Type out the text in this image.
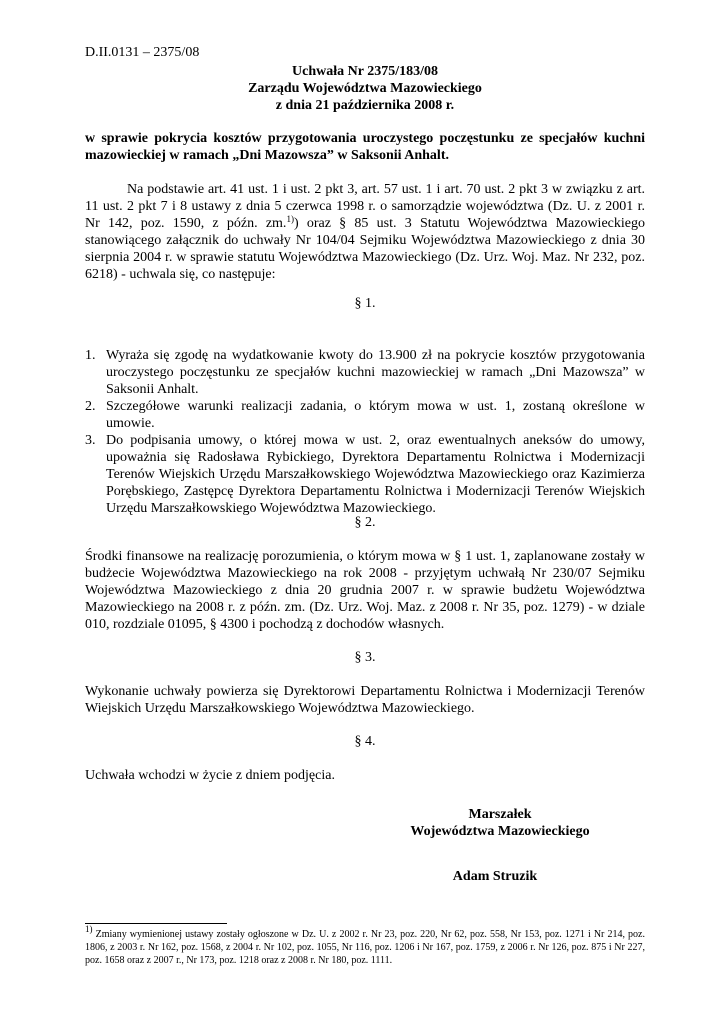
D.II.0131 – 2375/08
Uchwała Nr 2375/183/08
Zarządu Województwa Mazowieckiego
z dnia 21 października 2008 r.
w sprawie pokrycia kosztów przygotowania uroczystego poczęstunku ze specjałów kuchni mazowieckiej w ramach „Dni Mazowsza” w Saksonii Anhalt.
Na podstawie art. 41 ust. 1 i ust. 2 pkt 3, art. 57 ust. 1 i art. 70 ust. 2 pkt 3 w związku z art. 11 ust. 2 pkt 7 i 8 ustawy z dnia 5 czerwca 1998 r. o samorządzie województwa (Dz. U. z 2001 r. Nr 142, poz. 1590, z późn. zm.$^{1)}$) oraz § 85 ust. 3 Statutu Województwa Mazowieckiego stanowiącego załącznik do uchwały Nr 104/04 Sejmiku Województwa Mazowieckiego z dnia 30 sierpnia 2004 r. w sprawie statutu Województwa Mazowieckiego (Dz. Urz. Woj. Maz. Nr 232, poz. 6218) - uchwala się, co następuje:
§ 1.
1. Wyraża się zgodę na wydatkowanie kwoty do 13.900 zł na pokrycie kosztów przygotowania uroczystego poczęstunku ze specjałów kuchni mazowieckiej w ramach „Dni Mazowsza” w Saksonii Anhalt.
2. Szczegółowe warunki realizacji zadania, o którym mowa w ust. 1, zostaną określone w umowie.
3. Do podpisania umowy, o której mowa w ust. 2, oraz ewentualnych aneksów do umowy, upoważnia się Radosława Rybickiego, Dyrektora Departamentu Rolnictwa i Modernizacji Terenów Wiejskich Urzędu Marszałkowskiego Województwa Mazowieckiego oraz Kazimierza Porębskiego, Zastępcę Dyrektora Departamentu Rolnictwa i Modernizacji Terenów Wiejskich Urzędu Marszałkowskiego Województwa Mazowieckiego.
§ 2.
Środki finansowe na realizację porozumienia, o którym mowa w § 1 ust. 1, zaplanowane zostały w budżecie Województwa Mazowieckiego na rok 2008 - przyjętym uchwałą Nr 230/07 Sejmiku Województwa Mazowieckiego z dnia 20 grudnia 2007 r. w sprawie budżetu Województwa Mazowieckiego na 2008 r. z późn. zm. (Dz. Urz. Woj. Maz. z 2008 r. Nr 35, poz. 1279) - w dziale 010, rozdziale 01095, § 4300 i pochodzą z dochodów własnych.
§ 3.
Wykonanie uchwały powierza się Dyrektorowi Departamentu Rolnictwa i Modernizacji Terenów Wiejskich Urzędu Marszałkowskiego Województwa Mazowieckiego.
§ 4.
Uchwała wchodzi w życie z dniem podjęcia.
Marszałek
Województwa Mazowieckiego
Adam Struzik
$^{1)}$ Zmiany wymienionej ustawy zostały ogłoszone w Dz. U. z 2002 r. Nr 23, poz. 220, Nr 62, poz. 558, Nr 153, poz. 1271 i Nr 214, poz. 1806, z 2003 r. Nr 162, poz. 1568, z 2004 r. Nr 102, poz. 1055, Nr 116, poz. 1206 i Nr 167, poz. 1759, z 2006 r. Nr 126, poz. 875 i Nr 227, poz. 1658 oraz z 2007 r., Nr 173, poz. 1218 oraz z 2008 r. Nr 180, poz. 1111.
